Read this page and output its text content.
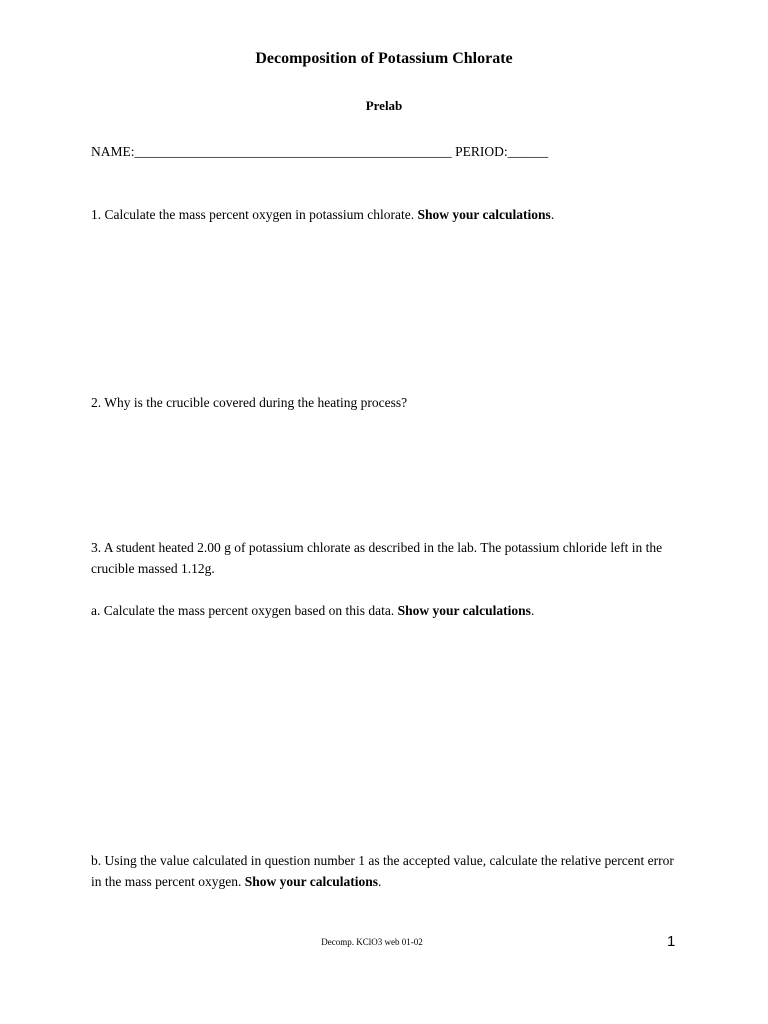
Decomposition of Potassium Chlorate
Prelab
NAME:_______________________________________________ PERIOD:______
1. Calculate the mass percent oxygen in potassium chlorate. Show your calculations.
2. Why is the crucible covered during the heating process?
3. A student heated 2.00 g of potassium chlorate as described in the lab. The potassium chloride left in the crucible massed 1.12g.
a. Calculate the mass percent oxygen based on this data. Show your calculations.
b. Using the value calculated in question number 1 as the accepted value, calculate the relative percent error in the mass percent oxygen. Show your calculations.
Decomp. KClO3 web 01-02	1
